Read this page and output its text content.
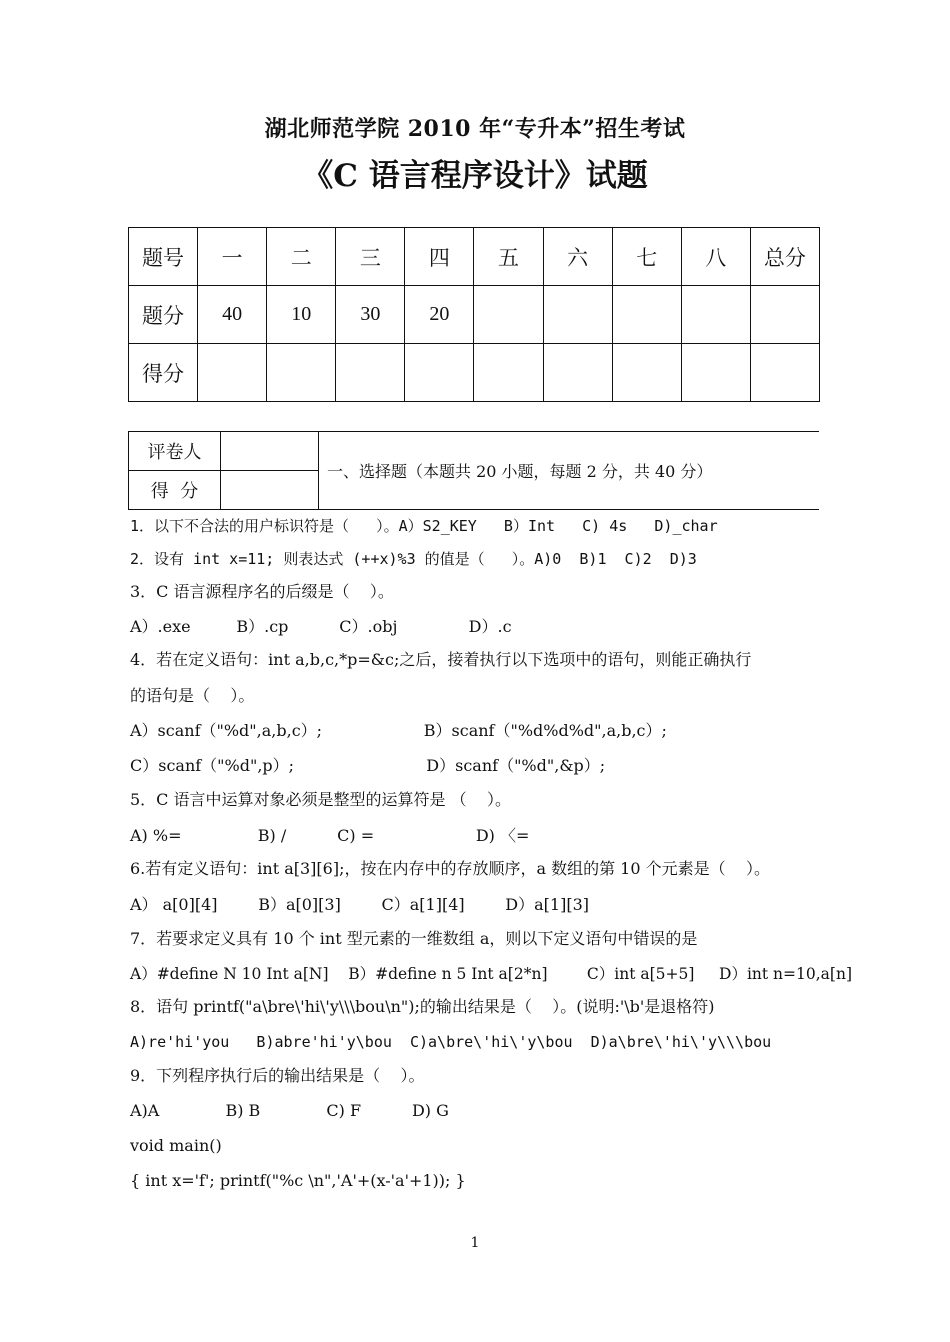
湖北师范学院 2010 年“专升本”招生考试
《C 语言程序设计》试题
题号	一	二	三	四	五	六	七	八	总分
题分	40	10	30	20					
得分									
评卷人	
得  分	
一、选择题（本题共 20 小题，每题 2 分，共 40 分）
1．以下不合法的用户标识符是（   ）。A）S2_KEY   B）Int   C) 4s   D)_char
2．设有 int x=11; 则表达式 (++x)%3 的值是（   ）。A)0  B)1  C)2  D)3
3．C 语言源程序名的后缀是（    ）。
A）.exe         B）.cp          C）.obj              D）.c
4．若在定义语句：int a,b,c,*p=&c;之后，接着执行以下选项中的语句，则能正确执行
的语句是（    ）。
A）scanf（"%d",a,b,c）;                    B）scanf（"%d%d%d",a,b,c）;
C）scanf（"%d",p）;                          D）scanf（"%d",&p）;
5．C 语言中运算对象必须是整型的运算符是 （    ）。
A) %=               B) /          C) =                    D) 〈=
6.若有定义语句：int a[3][6];，按在内存中的存放顺序，a 数组的第 10 个元素是（    ）。
A） a[0][4]        B）a[0][3]        C）a[1][4]        D）a[1][3]
7．若要求定义具有 10 个 int 型元素的一维数组 a，则以下定义语句中错误的是
A）#define N 10 Int a[N]    B）#define n 5 Int a[2*n]        C）int a[5+5]     D）int n=10,a[n]
8．语句 printf("a\bre\'hi\'y\\\bou\n");的输出结果是（    ）。(说明:'\b'是退格符)
A)re'hi'you   B)abre'hi'y\bou  C)a\bre\'hi\'y\bou  D)a\bre\'hi\'y\\\bou
9．下列程序执行后的输出结果是（    ）。
A)A             B) B             C) F          D) G
void main()
{ int x='f'; printf("%c \n",'A'+(x-'a'+1)); }
1
